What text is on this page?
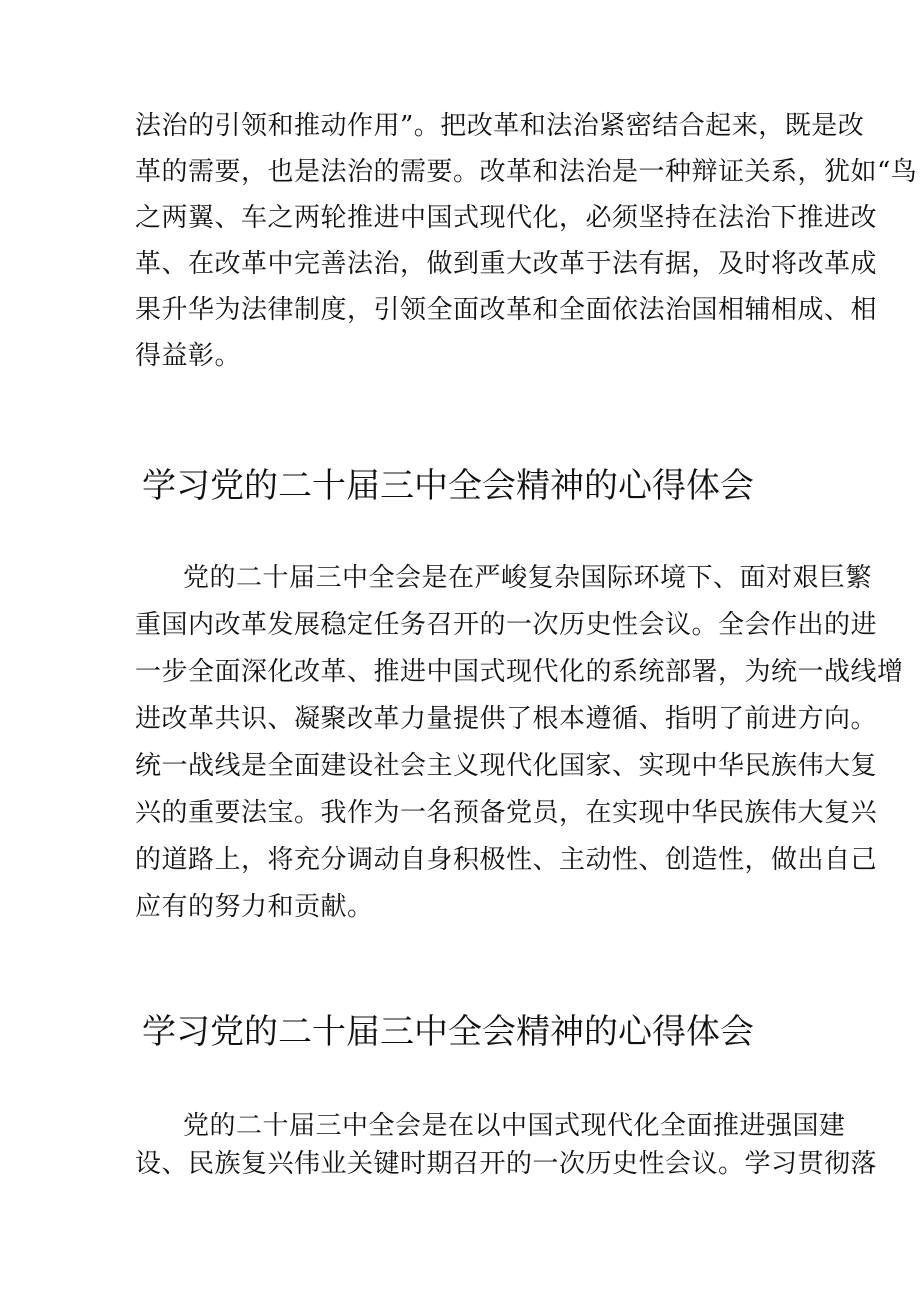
法治的引领和推动作用”。把改革和法治紧密结合起来，既是改

革的需要，也是法治的需要。改革和法治是一种辩证关系，犹如“鸟

之两翼、车之两轮推进中国式现代化，必须坚持在法治下推进改

革、在改革中完善法治，做到重大改革于法有据，及时将改革成

果升华为法律制度，引领全面改革和全面依法治国相辅相成、相

得益彰。

学习党的二十届三中全会精神的心得体会

党的二十届三中全会是在严峻复杂国际环境下、面对艰巨繁

重国内改革发展稳定任务召开的一次历史性会议。全会作出的进

一步全面深化改革、推进中国式现代化的系统部署，为统一战线增

进改革共识、凝聚改革力量提供了根本遵循、指明了前进方向。

统一战线是全面建设社会主义现代化国家、实现中华民族伟大复

兴的重要法宝。我作为一名预备党员，在实现中华民族伟大复兴

的道路上，将充分调动自身积极性、主动性、创造性，做出自己

应有的努力和贡献。

学习党的二十届三中全会精神的心得体会

党的二十届三中全会是在以中国式现代化全面推进强国建

设、民族复兴伟业关键时期召开的一次历史性会议。学习贯彻落
